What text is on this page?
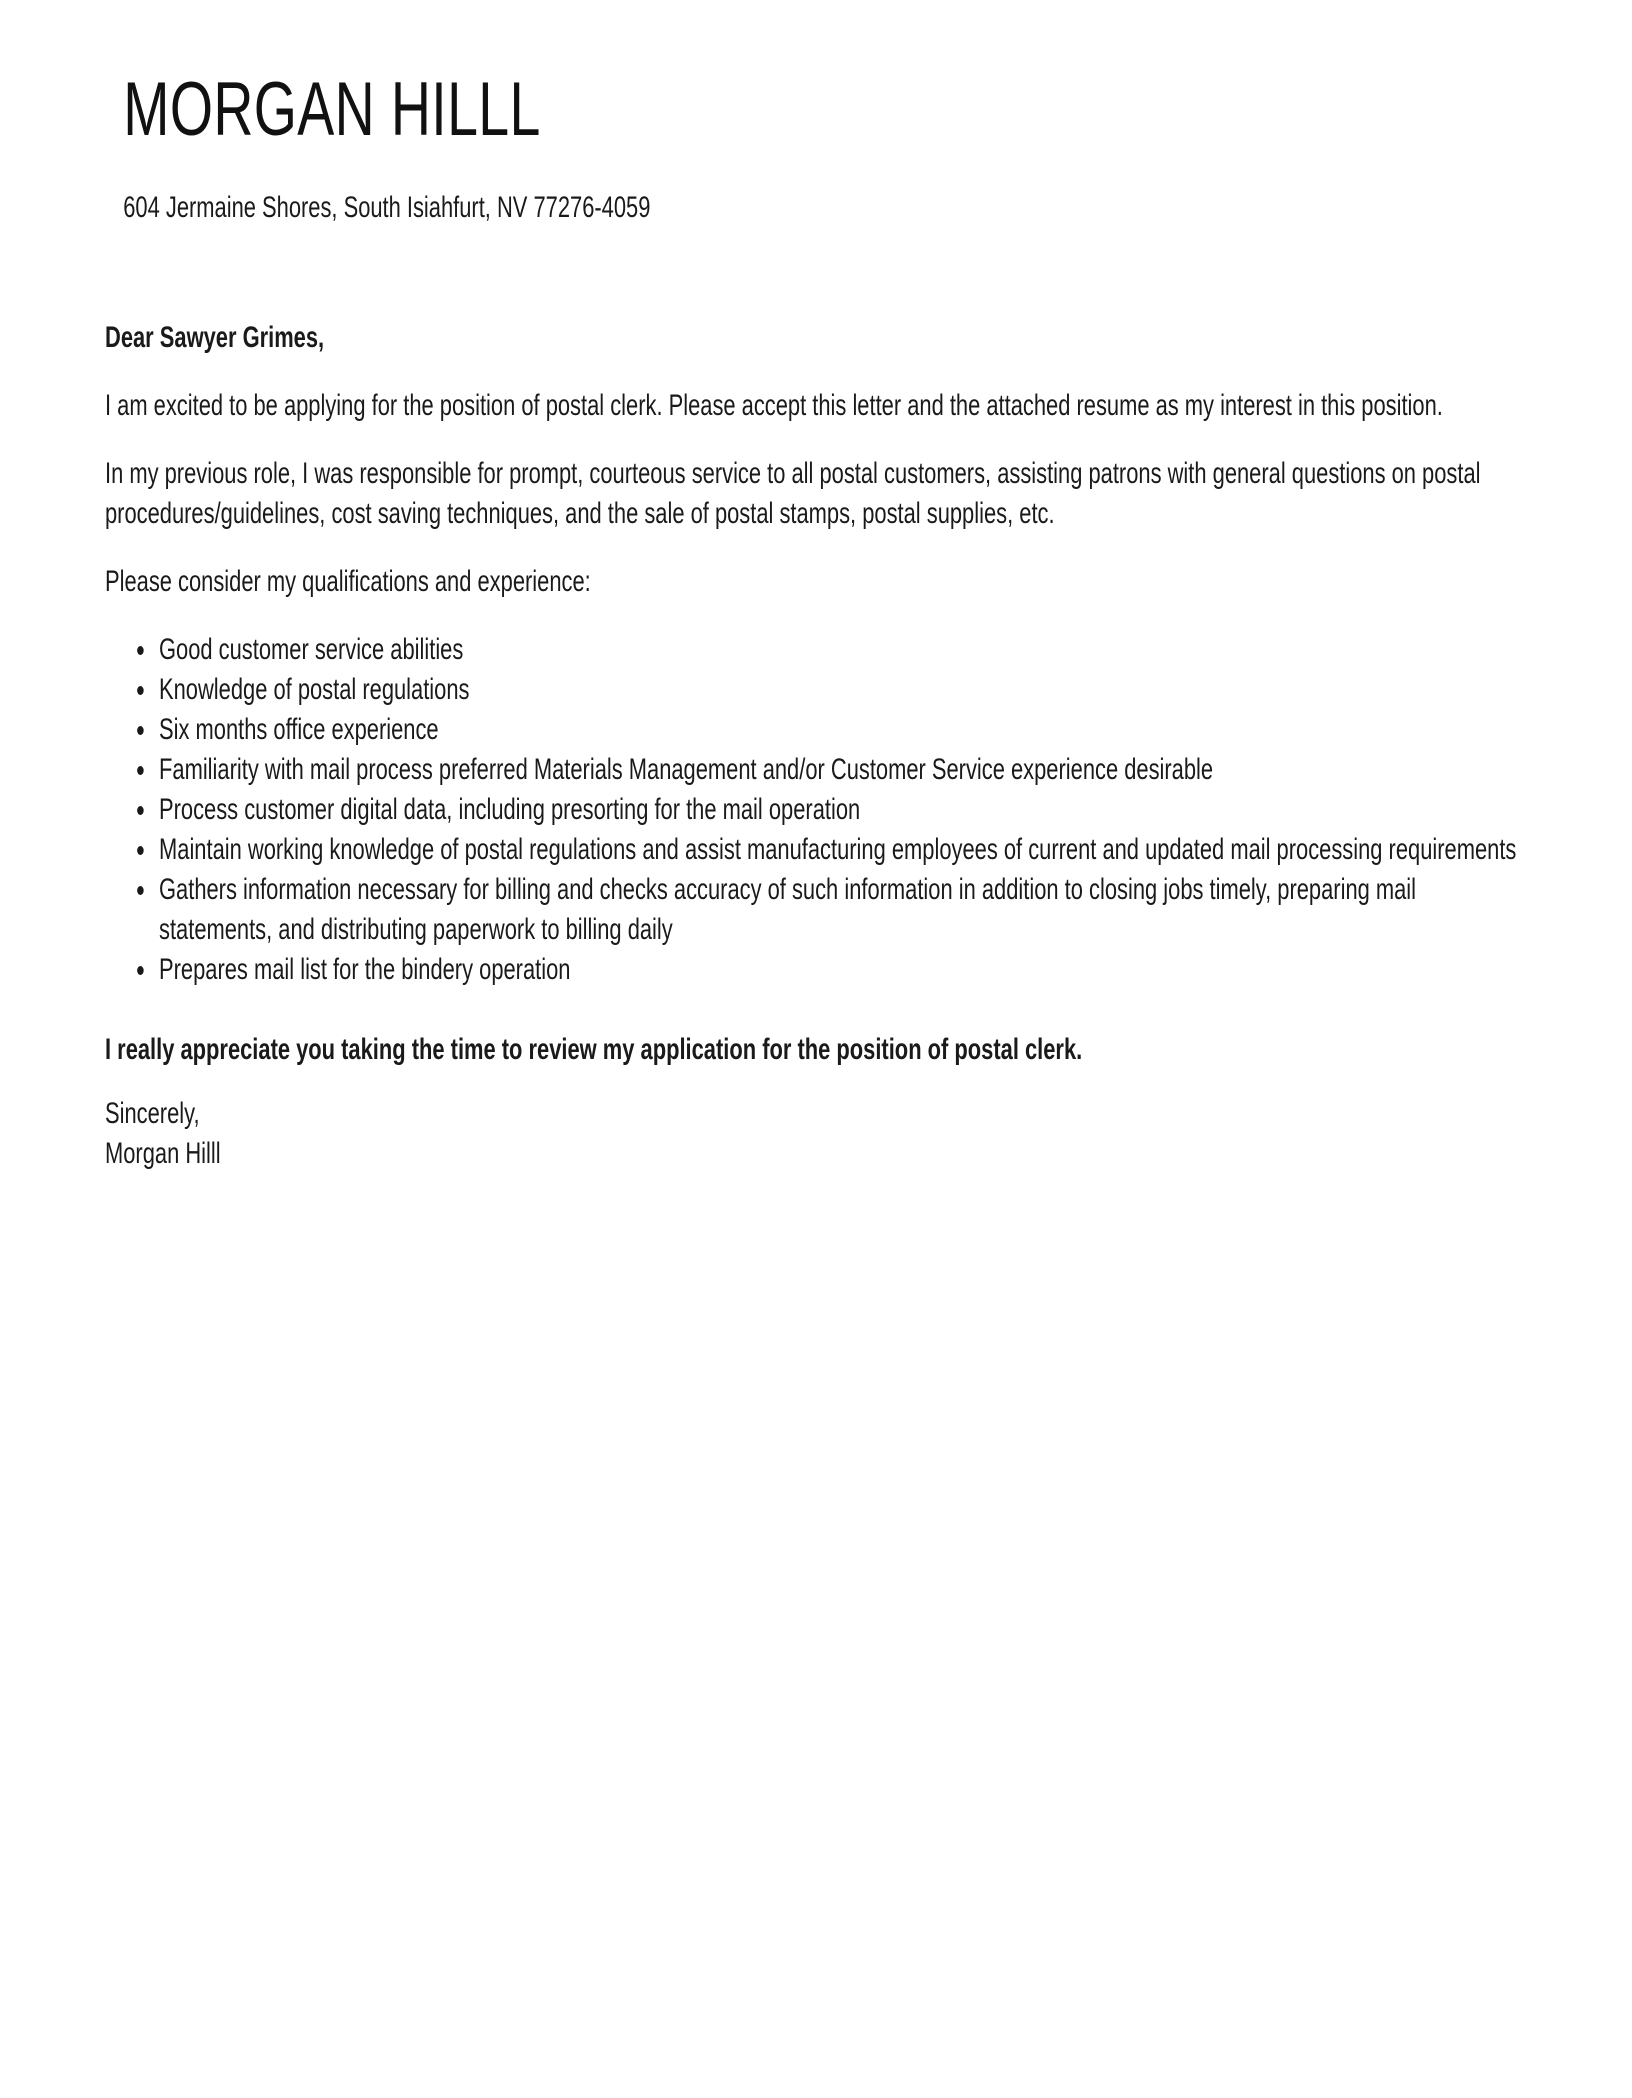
MORGAN HILLL
604 Jermaine Shores, South Isiahfurt, NV 77276-4059
Dear Sawyer Grimes,

I am excited to be applying for the position of postal clerk. Please accept this letter and the attached resume as my interest in this position.

In my previous role, I was responsible for prompt, courteous service to all postal customers, assisting patrons with general questions on postal procedures/guidelines, cost saving techniques, and the sale of postal stamps, postal supplies, etc.

Please consider my qualifications and experience:

• Good customer service abilities
• Knowledge of postal regulations
• Six months office experience
• Familiarity with mail process preferred Materials Management and/or Customer Service experience desirable
• Process customer digital data, including presorting for the mail operation
• Maintain working knowledge of postal regulations and assist manufacturing employees of current and updated mail processing requirements
• Gathers information necessary for billing and checks accuracy of such information in addition to closing jobs timely, preparing mail statements, and distributing paperwork to billing daily
• Prepares mail list for the bindery operation
I really appreciate you taking the time to review my application for the position of postal clerk.
Sincerely,
Morgan Hilll
